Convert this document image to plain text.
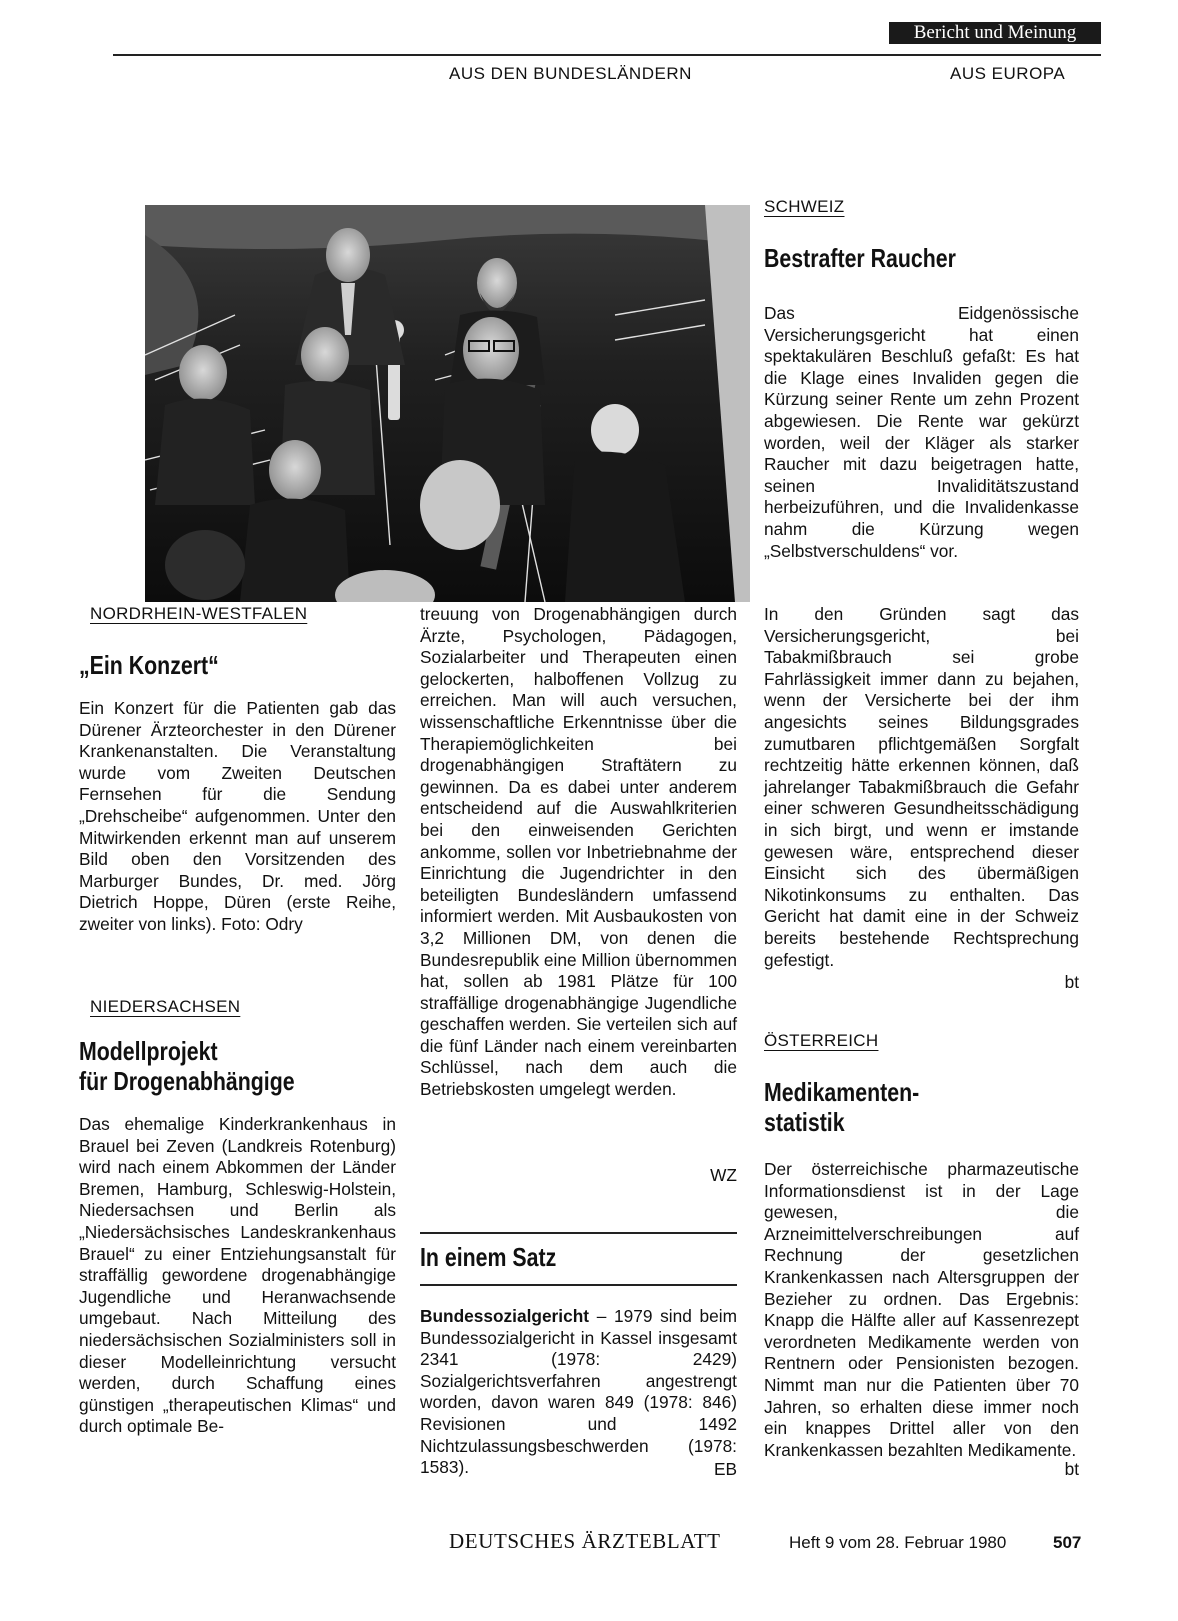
Bericht und Meinung
AUS DEN BUNDESLÄNDERN	AUS EUROPA
NORDRHEIN-WESTFALEN
„Ein Konzert“
Ein Konzert für die Patienten gab das Dürener Ärzteorchester in den Dürener Krankenanstalten. Die Veranstaltung wurde vom Zweiten Deutschen Fernsehen für die Sendung „Drehscheibe“ aufgenommen. Unter den Mitwirkenden erkennt man auf unserem Bild oben den Vorsitzenden des Marburger Bundes, Dr. med. Jörg Dietrich Hoppe, Düren (erste Reihe, zweiter von links). Foto: Odry
NIEDERSACHSEN
Modellprojekt
für Drogenabhängige
Das ehemalige Kinderkrankenhaus in Brauel bei Zeven (Landkreis Rotenburg) wird nach einem Abkommen der Länder Bremen, Hamburg, Schleswig-Holstein, Niedersachsen und Berlin als „Niedersächsisches Landeskrankenhaus Brauel“ zu einer Entziehungsanstalt für straffällig gewordene drogenabhängige Jugendliche und Heranwachsende umgebaut. Nach Mitteilung des niedersächsischen Sozialministers soll in dieser Modelleinrichtung versucht werden, durch Schaffung eines günstigen „therapeutischen Klimas“ und durch optimale Be-
treuung von Drogenabhängigen durch Ärzte, Psychologen, Pädagogen, Sozialarbeiter und Therapeuten einen gelockerten, halboffenen Vollzug zu erreichen. Man will auch versuchen, wissenschaftliche Erkenntnisse über die Therapiemöglichkeiten bei drogenabhängigen Straftätern zu gewinnen. Da es dabei unter anderem entscheidend auf die Auswahlkriterien bei den einweisenden Gerichten ankomme, sollen vor Inbetriebnahme der Einrichtung die Jugendrichter in den beteiligten Bundesländern umfassend informiert werden. Mit Ausbaukosten von 3,2 Millionen DM, von denen die Bundesrepublik eine Million übernommen hat, sollen ab 1981 Plätze für 100 straffällige drogenabhängige Jugendliche geschaffen werden. Sie verteilen sich auf die fünf Länder nach einem vereinbarten Schlüssel, nach dem auch die Betriebskosten umgelegt werden.
WZ
In einem Satz
Bundessozialgericht – 1979 sind beim Bundessozialgericht in Kassel insgesamt 2341 (1978: 2429) Sozialgerichtsverfahren angestrengt worden, davon waren 849 (1978: 846) Revisionen und 1492 Nichtzulassungsbeschwerden (1978: 1583).	EB
SCHWEIZ
Bestrafter Raucher
Das Eidgenössische Versicherungsgericht hat einen spektakulären Beschluß gefaßt: Es hat die Klage eines Invaliden gegen die Kürzung seiner Rente um zehn Prozent abgewiesen. Die Rente war gekürzt worden, weil der Kläger als starker Raucher mit dazu beigetragen hatte, seinen Invaliditätszustand herbeizuführen, und die Invalidenkasse nahm die Kürzung wegen „Selbstverschuldens“ vor.
In den Gründen sagt das Versicherungsgericht, bei Tabakmißbrauch sei grobe Fahrlässigkeit immer dann zu bejahen, wenn der Versicherte bei der ihm angesichts seines Bildungsgrades zumutbaren pflichtgemäßen Sorgfalt rechtzeitig hätte erkennen können, daß jahrelanger Tabakmißbrauch die Gefahr einer schweren Gesundheitsschädigung in sich birgt, und wenn er imstande gewesen wäre, entsprechend dieser Einsicht sich des übermäßigen Nikotinkonsums zu enthalten. Das Gericht hat damit eine in der Schweiz bereits bestehende Rechtsprechung gefestigt.
bt
ÖSTERREICH
Medikamenten-
statistik
Der österreichische pharmazeutische Informationsdienst ist in der Lage gewesen, die Arzneimittelverschreibungen auf Rechnung der gesetzlichen Krankenkassen nach Altersgruppen der Bezieher zu ordnen. Das Ergebnis: Knapp die Hälfte aller auf Kassenrezept verordneten Medikamente werden von Rentnern oder Pensionisten bezogen. Nimmt man nur die Patienten über 70 Jahren, so erhalten diese immer noch ein knappes Drittel aller von den Krankenkassen bezahlten Medikamente.
bt
DEUTSCHES ÄRZTEBLATT	Heft 9 vom 28. Februar 1980	507
